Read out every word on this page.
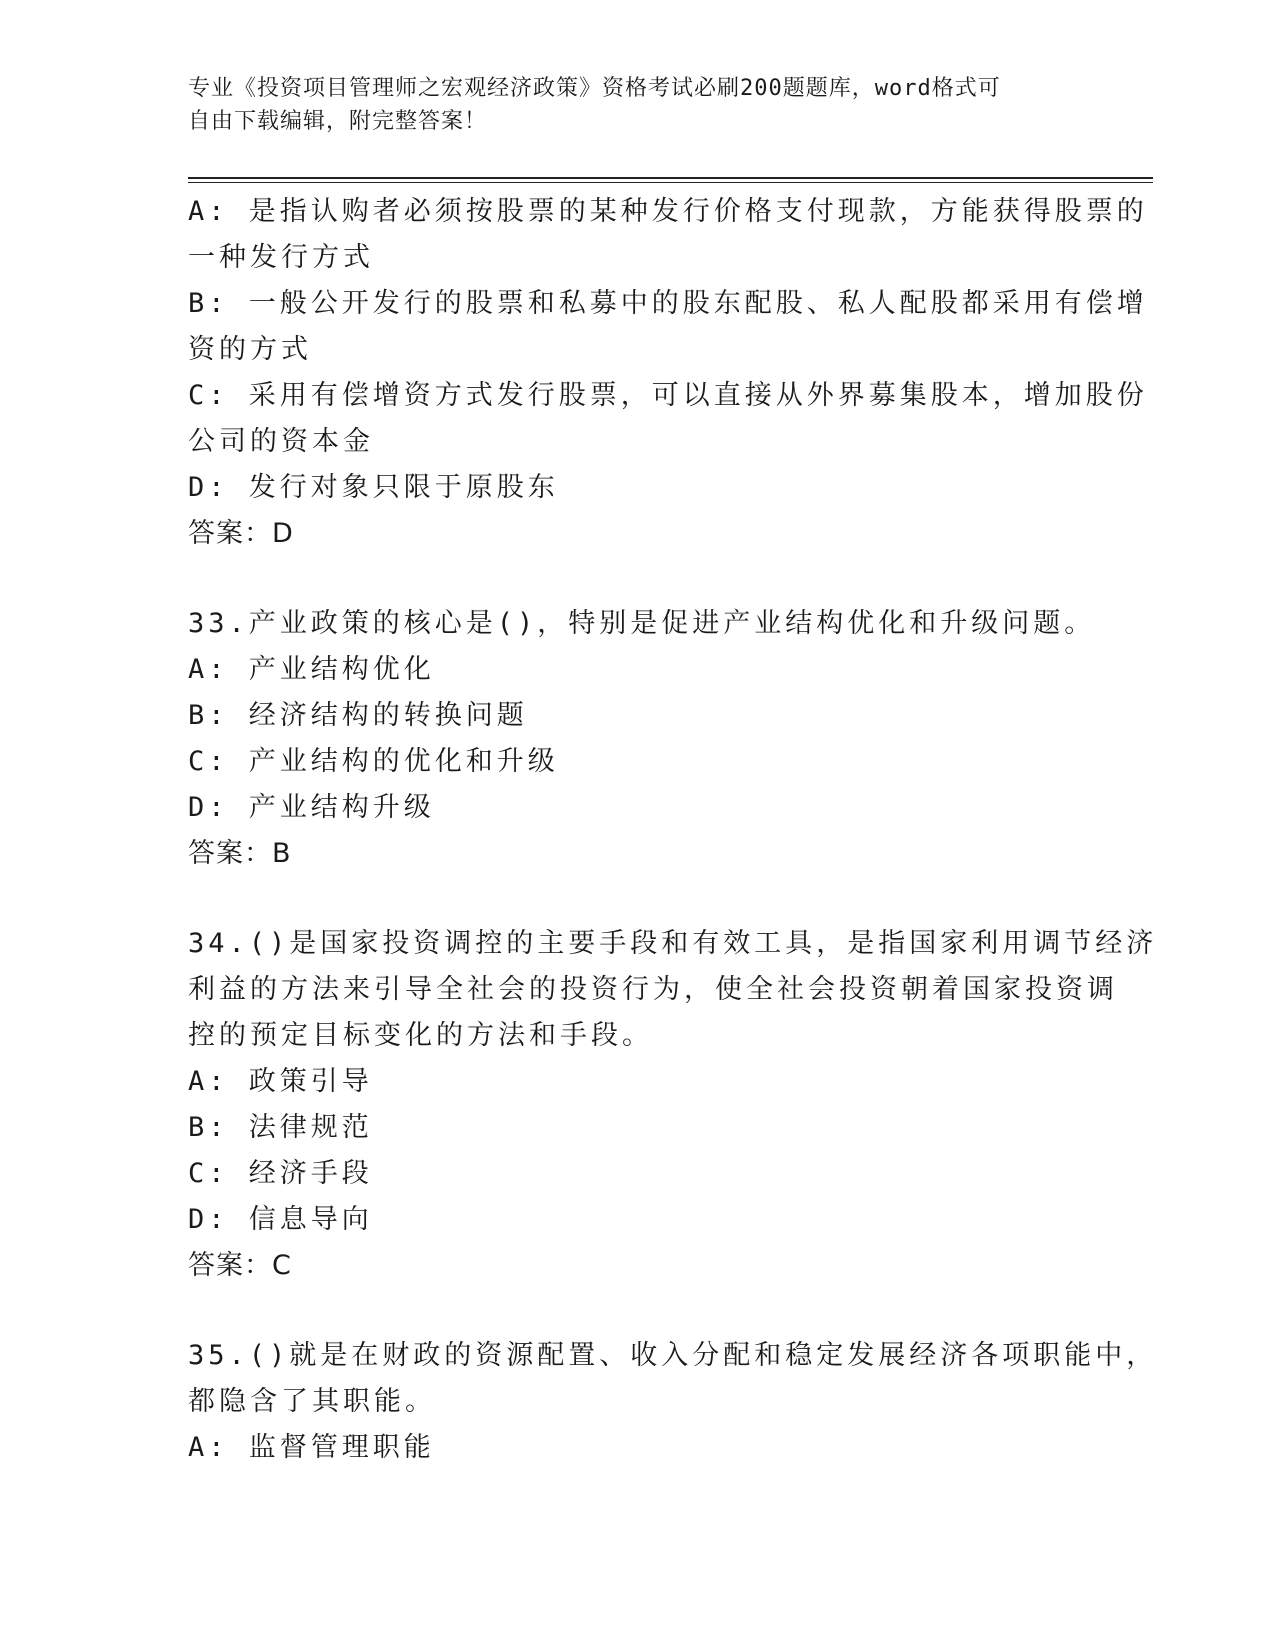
专业《投资项目管理师之宏观经济政策》资格考试必刷200题题库，word格式可
自由下载编辑，附完整答案！
A: 是指认购者必须按股票的某种发行价格支付现款，方能获得股票的
一种发行方式
B: 一般公开发行的股票和私募中的股东配股、私人配股都采用有偿增
资的方式
C: 采用有偿增资方式发行股票，可以直接从外界募集股本，增加股份
公司的资本金
D: 发行对象只限于原股东
答案：D
33.产业政策的核心是()，特别是促进产业结构优化和升级问题。
A: 产业结构优化
B: 经济结构的转换问题
C: 产业结构的优化和升级
D: 产业结构升级
答案：B
34.()是国家投资调控的主要手段和有效工具，是指国家利用调节经济
利益的方法来引导全社会的投资行为，使全社会投资朝着国家投资调
控的预定目标变化的方法和手段。
A: 政策引导
B: 法律规范
C: 经济手段
D: 信息导向
答案：C
35.()就是在财政的资源配置、收入分配和稳定发展经济各项职能中，
都隐含了其职能。
A: 监督管理职能
